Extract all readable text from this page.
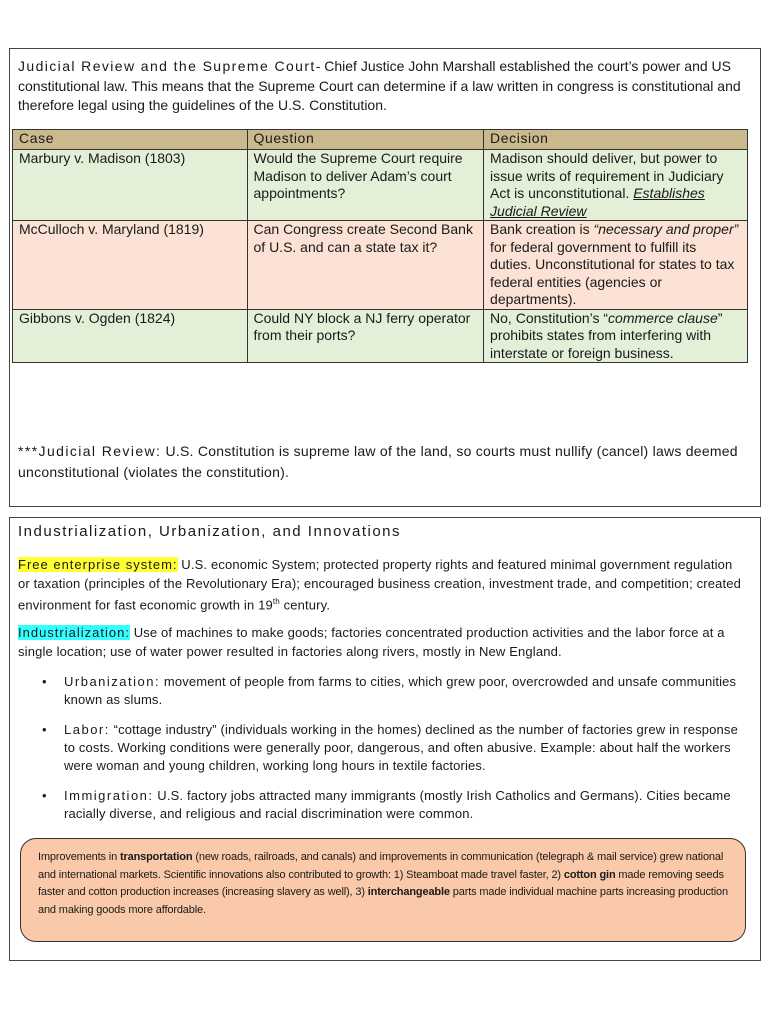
Judicial Review and the Supreme Court- Chief Justice John Marshall established the court’s power and US constitutional law. This means that the Supreme Court can determine if a law written in congress is constitutional and therefore legal using the guidelines of the U.S. Constitution.
Case	Question	Decision
Marbury v. Madison (1803)	Would the Supreme Court require Madison to deliver Adam’s court appointments?	Madison should deliver, but power to issue writs of requirement in Judiciary Act is unconstitutional. Establishes Judicial Review
McCulloch v. Maryland (1819)	Can Congress create Second Bank of U.S. and can a state tax it?	Bank creation is “necessary and proper” for federal government to fulfill its duties. Unconstitutional for states to tax federal entities (agencies or departments).
Gibbons v. Ogden (1824)	Could NY block a NJ ferry operator from their ports?	No, Constitution’s “commerce clause” prohibits states from interfering with interstate or foreign business.
***Judicial Review: U.S. Constitution is supreme law of the land, so courts must nullify (cancel) laws deemed unconstitutional (violates the constitution).
Industrialization, Urbanization, and Innovations
Free enterprise system: U.S. economic System; protected property rights and featured minimal government regulation or taxation (principles of the Revolutionary Era); encouraged business creation, investment trade, and competition; created environment for fast economic growth in 19th century.
Industrialization: Use of machines to make goods; factories concentrated production activities and the labor force at a single location; use of water power resulted in factories along rivers, mostly in New England.
• Urbanization: movement of people from farms to cities, which grew poor, overcrowded and unsafe communities known as slums.
• Labor: “cottage industry” (individuals working in the homes) declined as the number of factories grew in response to costs. Working conditions were generally poor, dangerous, and often abusive. Example: about half the workers were woman and young children, working long hours in textile factories.
• Immigration: U.S. factory jobs attracted many immigrants (mostly Irish Catholics and Germans). Cities became racially diverse, and religious and racial discrimination were common.
Improvements in transportation (new roads, railroads, and canals) and improvements in communication (telegraph & mail service) grew national and international markets. Scientific innovations also contributed to growth: 1) Steamboat made travel faster, 2) cotton gin made removing seeds faster and cotton production increases (increasing slavery as well), 3) interchangeable parts made individual machine parts increasing production and making goods more affordable.
